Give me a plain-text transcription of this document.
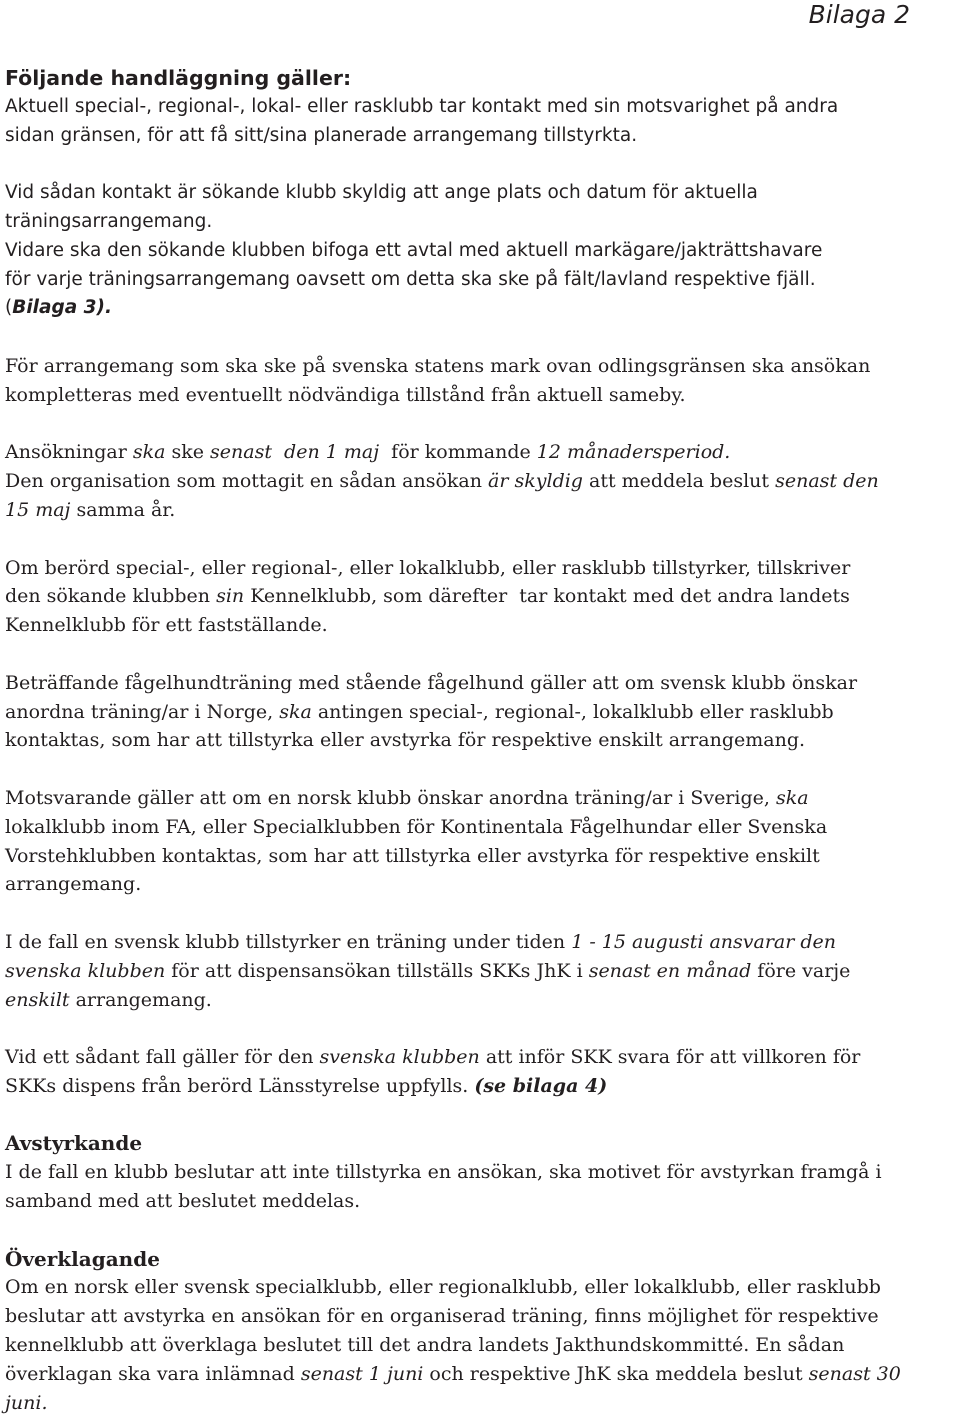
Bilaga 2
Följande handläggning gäller:

Aktuell special-, regional-, lokal- eller rasklubb tar kontakt med sin motsvarighet på andra

sidan gränsen, för att få sitt/sina planerade arrangemang tillstyrkta.

Vid sådan kontakt är sökande klubb skyldig att ange plats och datum för aktuella

träningsarrangemang.

Vidare ska den sökande klubben bifoga ett avtal med aktuell markägare/jakträttshavare

för varje träningsarrangemang oavsett om detta ska ske på fält/lavland respektive fjäll.

(Bilaga 3).

För arrangemang som ska ske på svenska statens mark ovan odlingsgränsen ska ansökan

kompletteras med eventuellt nödvändiga tillstånd från aktuell sameby.

Ansökningar ska ske senast  den 1 maj  för kommande 12 månadersperiod.

Den organisation som mottagit en sådan ansökan är skyldig att meddela beslut senast den

15 maj samma år.

Om berörd special-, eller regional-, eller lokalklubb, eller rasklubb tillstyrker, tillskriver

den sökande klubben sin Kennelklubb, som därefter  tar kontakt med det andra landets

Kennelklubb för ett fastställande.

Beträffande fågelhundträning med stående fågelhund gäller att om svensk klubb önskar

anordna träning/ar i Norge, ska antingen special-, regional-, lokalklubb eller rasklubb

kontaktas, som har att tillstyrka eller avstyrka för respektive enskilt arrangemang.

Motsvarande gäller att om en norsk klubb önskar anordna träning/ar i Sverige, ska

lokalklubb inom FA, eller Specialklubben för Kontinentala Fågelhundar eller Svenska

Vorstehklubben kontaktas, som har att tillstyrka eller avstyrka för respektive enskilt

arrangemang.

I de fall en svensk klubb tillstyrker en träning under tiden 1 - 15 augusti ansvarar den

svenska klubben för att dispensansökan tillställs SKKs JhK i senast en månad före varje

enskilt arrangemang.

Vid ett sådant fall gäller för den svenska klubben att inför SKK svara för att villkoren för

SKKs dispens från berörd Länsstyrelse uppfylls. (se bilaga 4)

Avstyrkande

I de fall en klubb beslutar att inte tillstyrka en ansökan, ska motivet för avstyrkan framgå i

samband med att beslutet meddelas.

Överklagande

Om en norsk eller svensk specialklubb, eller regionalklubb, eller lokalklubb, eller rasklubb

beslutar att avstyrka en ansökan för en organiserad träning, finns möjlighet för respektive

kennelklubb att överklaga beslutet till det andra landets Jakthundskommitté. En sådan

överklagan ska vara inlämnad senast 1 juni och respektive JhK ska meddela beslut senast 30

juni.
